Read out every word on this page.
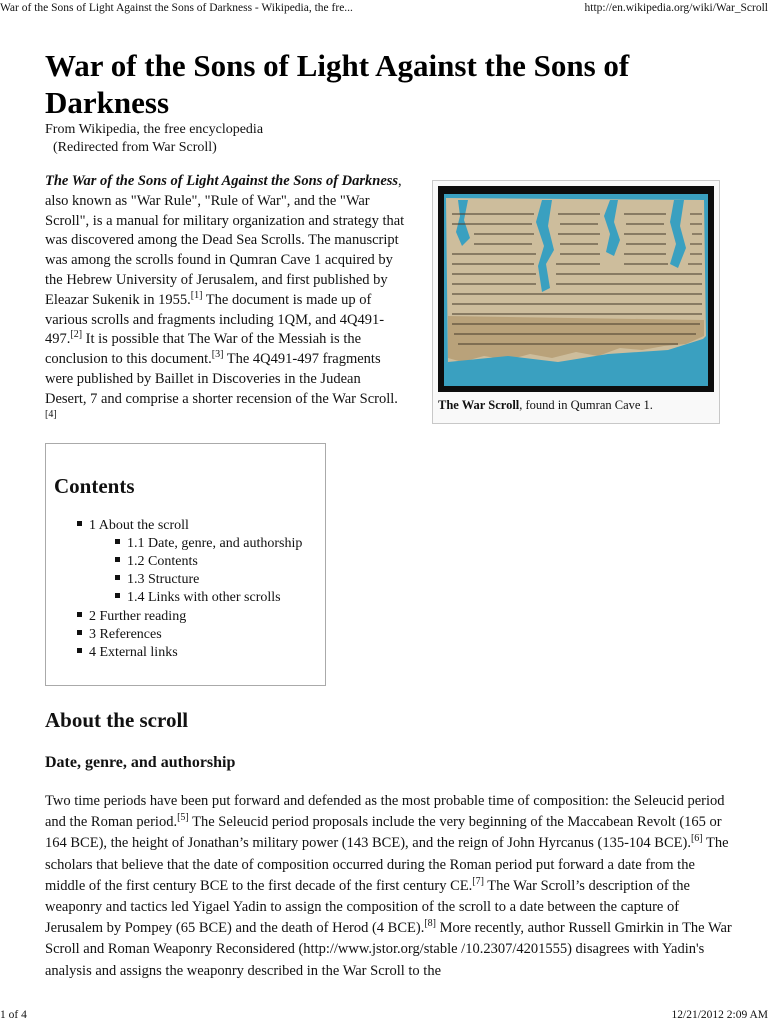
War of the Sons of Light Against the Sons of Darkness - Wikipedia, the fre...	http://en.wikipedia.org/wiki/War_Scroll
War of the Sons of Light Against the Sons of Darkness
From Wikipedia, the free encyclopedia
(Redirected from War Scroll)

The War of the Sons of Light Against the Sons of Darkness, also known as "War Rule", "Rule of War", and the "War Scroll", is a manual for military organization and strategy that was discovered among the Dead Sea Scrolls. The manuscript was among the scrolls found in Qumran Cave 1 acquired by the Hebrew University of Jerusalem, and first published by Eleazar Sukenik in 1955.[1] The document is made up of various scrolls and fragments including 1QM, and 4Q491-497.[2] It is possible that The War of the Messiah is the conclusion to this document.[3] The 4Q491-497 fragments were published by Baillet in Discoveries in the Judean Desert, 7 and comprise a shorter recension of the War Scroll.[4]

The War Scroll, found in Qumran Cave 1.
Contents
1 About the scroll
1.1 Date, genre, and authorship
1.2 Contents
1.3 Structure
1.4 Links with other scrolls
2 Further reading
3 References
4 External links
About the scroll
Date, genre, and authorship

Two time periods have been put forward and defended as the most probable time of composition: the Seleucid period and the Roman period.[5] The Seleucid period proposals include the very beginning of the Maccabean Revolt (165 or 164 BCE), the height of Jonathan’s military power (143 BCE), and the reign of John Hyrcanus (135-104 BCE).[6] The scholars that believe that the date of composition occurred during the Roman period put forward a date from the middle of the first century BCE to the first decade of the first century CE.[7] The War Scroll’s description of the weaponry and tactics led Yigael Yadin to assign the composition of the scroll to a date between the capture of Jerusalem by Pompey (65 BCE) and the death of Herod (4 BCE).[8] More recently, author Russell Gmirkin in The War Scroll and Roman Weaponry Reconsidered (http://www.jstor.org/stable /10.2307/4201555) disagrees with Yadin's analysis and assigns the weaponry described in the War Scroll to the

1 of 4	12/21/2012 2:09 AM
